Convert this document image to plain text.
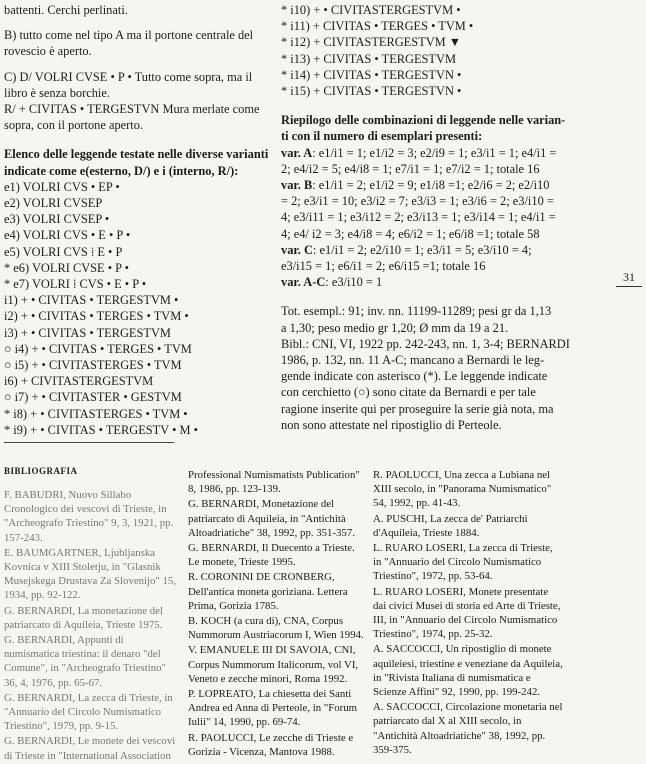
battenti. Cerchi perlinati.

B) tutto come nel tipo A ma il portone centrale del

rovescio è aperto.

C) D/ VOLRI CVSE • P • Tutto come sopra, ma il

libro è senza borchie.

R/ + CIVITAS • TERGESTVN Mura merlate come

sopra, con il portone aperto.

Elenco delle leggende testate nelle diverse varianti

indicate come e(esterno, D/) e i (interno, R/):

e1) VOLRI CVS • EP •

e2) VOLRI CVSEP

e3) VOLRI CVSEP •

e4) VOLRI CVS • E • P •

e5) VOLRI CVS ⁞ E • P

* e6) VOLRI CVSE • P •

* e7) VOLRI ⁞ CVS • E • P •

i1) + • CIVITAS • TERGESTVM •

i2) + • CIVITAS • TERGES • TVM •

i3) + • CIVITAS • TERGESTVM

○ i4) + • CIVITAS • TERGES • TVM

○ i5) + • CIVITASTERGES • TVM

i6) + CIVITASTERGESTVM

○ i7) + • CIVITASTER • GESTVM

* i8) + • CIVITASTERGES • TVM •

* i9) + • CIVITAS • TERGESTV • M •

* i10) + • CIVITASTERGESTVM •

* i11) + CIVITAS • TERGES • TVM •

* i12) + CIVITASTERGESTVM ▼

* i13) + CIVITAS • TERGESTVM

* i14) + CIVITAS • TERGESTVN •

* i15) + CIVITAS • TERGESTVN •

Riepilogo delle combinazioni di leggende nelle varian-

ti con il numero di esemplari presenti:

var. A: e1/i1 = 1; e1/i2 = 3; e2/i9 = 1; e3/i1 = 1; e4/i1 =

2; e4/i2 = 5; e4/i8 = 1; e7/i1 = 1; e7/i2 = 1; totale 16

var. B: e1/i1 = 2; e1/i2 = 9; e1/i8 =1; e2/i6 = 2; e2/i10

= 2; e3/i1 = 10; e3/i2 = 7; e3/i3 = 1; e3/i6 = 2; e3/i10 =

4; e3/i11 = 1; e3/i12 = 2; e3/i13 = 1; e3/i14 = 1; e4/i1 =

4; e4/ i2 = 3; e4/i8 = 4; e6/i2 = 1; e6/i8 =1; totale 58

var. C: e1/i1 = 2; e2/i10 = 1; e3/i1 = 5; e3/i10 = 4;

e3/i15 = 1; e6/i1 = 2; e6/i15 =1; totale 16

var. A-C: e3/i10 = 1

Tot. esempl.: 91; inv. nn. 11199-11289; pesi gr da 1,13

a 1,30; peso medio gr 1,20; Ø mm da 19 a 21.

Bibl.: CNI, VI, 1922 pp. 242-243, nn. 1, 3-4; BERNARDI

1986, p. 132, nn. 11 A-C; mancano a Bernardi le leg-

gende indicate con asterisco (*). Le leggende indicate

con cerchietto (○) sono citate da Bernardi e per tale

ragione inserite qui per proseguire la serie già nota, ma

non sono attestate nel ripostiglio di Perteole.

31
BIBLIOGRAFIA

F. BABUDRI, Nuovo Sillabo Cronologico dei vescovi di Trieste, in "Archeografo Triestino" 9, 3, 1921, pp. 157-243.

E. BAUMGARTNER, Ljubljanska Kovnica v XIII Stoletju, in "Glasnik Musejskega Drustava Za Slovenijo" 15, 1934, pp. 92-122.

G. BERNARDI, La monetazione del patriarcato di Aquileia, Trieste 1975.

G. BERNARDI, Appunti di numismatica triestina: il denaro "del Comune", in "Archeografo Triestino" 36, 4, 1976, pp. 65-67.

G. BERNARDI, La zecca di Trieste, in "Annuario del Circolo Numismatico Triestino", 1979, pp. 9-15.

G. BERNARDI, Le monete dei vescovi di Trieste in "International Association

Professional Numismatists Publication" 8, 1986, pp. 123-139.

G. BERNARDI, Monetazione del patriarcato di Aquileia, in "Antichità Altoadriatiche" 38, 1992, pp. 351-357.

G. BERNARDI, Il Duecento a Trieste. Le monete, Trieste 1995.

R. CORONINI DE CRONBERG, Dell'antica moneta goriziana. Lettera Prima, Gorizia 1785.

B. KOCH (a cura di), CNA, Corpus Nummorum Austriacorum I, Wien 1994.

V. EMANUELE III DI SAVOIA, CNI, Corpus Nummorum Italicorum, vol VI, Veneto e zecche minori, Roma 1992.

P. LOPREATO, La chiesetta dei Santi Andrea ed Anna di Perteole, in "Forum Iulii" 14, 1990, pp. 69-74.

R. PAOLUCCI, Le zecche di Trieste e Gorizia - Vicenza, Mantova 1988.

R. PAOLUCCI, Una zecca a Lubiana nel XIII secolo, in "Panorama Numismatico" 54, 1992, pp. 41-43.

A. PUSCHI, La zecca de' Patriarchi d'Aquileia, Trieste 1884.

L. RUARO LOSERI, La zecca di Trieste, in "Annuario del Circolo Numismatico Triestino", 1972, pp. 53-64.

L. RUARO LOSERI, Monete presentate dai civici Musei di storia ed Arte di Trieste, III, in "Annuario del Circolo Numismatico Triestino", 1974, pp. 25-32.

A. SACCOCCI, Un ripostiglio di monete aquileiesi, triestine e veneziane da Aquileia, in "Rivista Italiana di numismatica e Scienze Affini" 92, 1990, pp. 199-242.

A. SACCOCCI, Circolazione monetaria nel patriarcato dal X al XIII secolo, in "Antichità Altoadriatiche" 38, 1992, pp. 359-375.
